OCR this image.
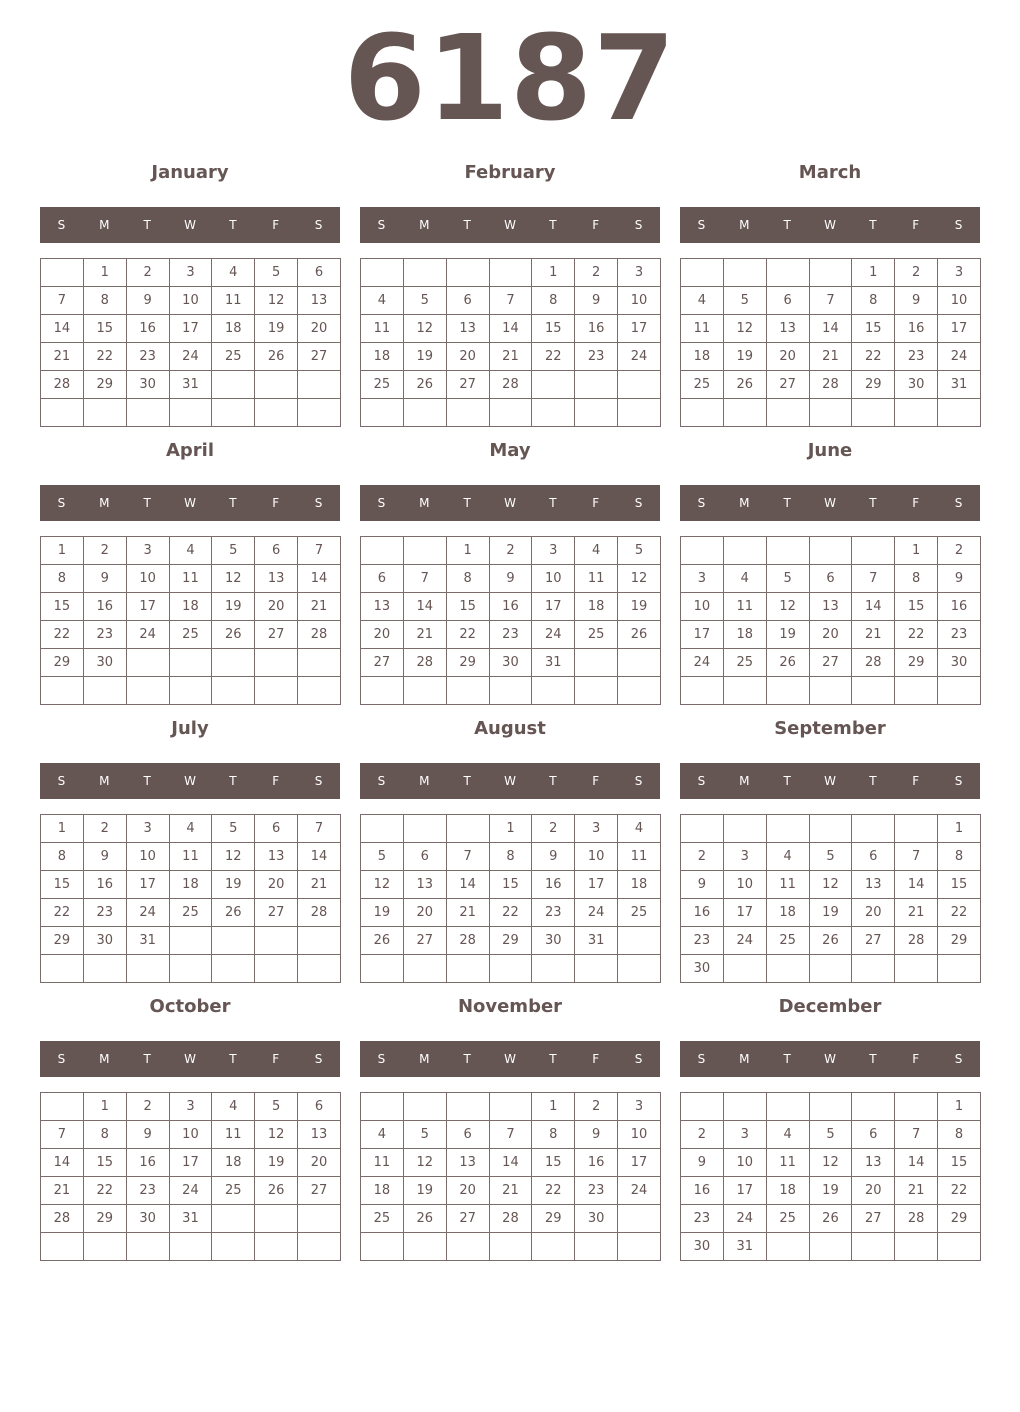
6187
January
S	M	T	W	T	F	S
	1	2	3	4	5	6
7	8	9	10	11	12	13
14	15	16	17	18	19	20
21	22	23	24	25	26	27
28	29	30	31			

February
S	M	T	W	T	F	S
				1	2	3
4	5	6	7	8	9	10
11	12	13	14	15	16	17
18	19	20	21	22	23	24
25	26	27	28			

March
S	M	T	W	T	F	S
				1	2	3
4	5	6	7	8	9	10
11	12	13	14	15	16	17
18	19	20	21	22	23	24
25	26	27	28	29	30	31

April
S	M	T	W	T	F	S
1	2	3	4	5	6	7
8	9	10	11	12	13	14
15	16	17	18	19	20	21
22	23	24	25	26	27	28
29	30					

May
S	M	T	W	T	F	S
		1	2	3	4	5
6	7	8	9	10	11	12
13	14	15	16	17	18	19
20	21	22	23	24	25	26
27	28	29	30	31		

June
S	M	T	W	T	F	S
					1	2
3	4	5	6	7	8	9
10	11	12	13	14	15	16
17	18	19	20	21	22	23
24	25	26	27	28	29	30

July
S	M	T	W	T	F	S
1	2	3	4	5	6	7
8	9	10	11	12	13	14
15	16	17	18	19	20	21
22	23	24	25	26	27	28
29	30	31				

August
S	M	T	W	T	F	S
			1	2	3	4
5	6	7	8	9	10	11
12	13	14	15	16	17	18
19	20	21	22	23	24	25
26	27	28	29	30	31	

September
S	M	T	W	T	F	S
						1
2	3	4	5	6	7	8
9	10	11	12	13	14	15
16	17	18	19	20	21	22
23	24	25	26	27	28	29
30						
October
S	M	T	W	T	F	S
	1	2	3	4	5	6
7	8	9	10	11	12	13
14	15	16	17	18	19	20
21	22	23	24	25	26	27
28	29	30	31			

November
S	M	T	W	T	F	S
				1	2	3
4	5	6	7	8	9	10
11	12	13	14	15	16	17
18	19	20	21	22	23	24
25	26	27	28	29	30	

December
S	M	T	W	T	F	S
						1
2	3	4	5	6	7	8
9	10	11	12	13	14	15
16	17	18	19	20	21	22
23	24	25	26	27	28	29
30	31					
